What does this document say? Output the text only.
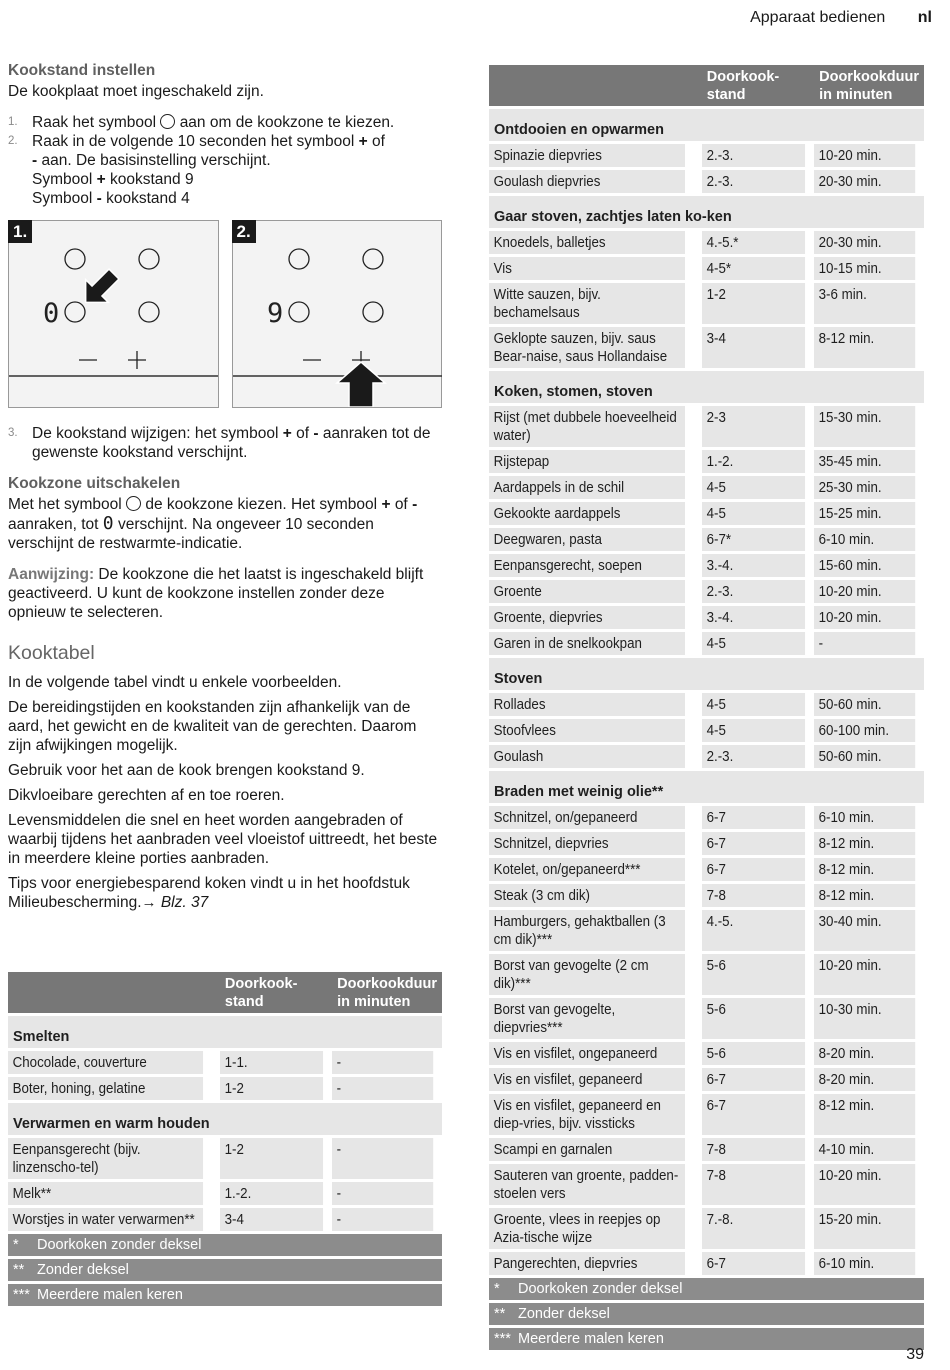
Apparaat bedienen nl
Kookstand instellen

De kookplaat moet ingeschakeld zijn.

1. Raak het symbool aan om de kookzone te kiezen.
2. Raak in de volgende 10 seconden het symbool + of
- aan. De basisinstelling verschijnt.
Symbool + kookstand 9
Symbool - kookstand 4
0
1.
9
2.
3. De kookstand wijzigen: het symbool + of - aanraken tot de gewenste kookstand verschijnt.
Kookzone uitschakelen

Met het symbool de kookzone kiezen. Het symbool + of - aanraken, tot 0 verschijnt. Na ongeveer 10 seconden verschijnt de restwarmte-indicatie.

Aanwijzing: De kookzone die het laatst is ingeschakeld blijft geactiveerd. U kunt de kookzone instellen zonder deze opnieuw te selecteren.

Kooktabel

In de volgende tabel vindt u enkele voorbeelden.

De bereidingstijden en kookstanden zijn afhankelijk van de aard, het gewicht en de kwaliteit van de gerechten. Daarom zijn afwijkingen mogelijk.

Gebruik voor het aan de kook brengen kookstand 9.

Dikvloeibare gerechten af en toe roeren.

Levensmiddelen die snel en heet worden aangebraden of waarbij tijdens het aanbraden veel vloeistof uittreedt, het beste in meerdere kleine porties aanbraden.

Tips voor energiebesparend koken vindt u in het hoofdstuk Milieubescherming.→ Blz. 37

	Doorkook-stand	Doorkookduur in minuten
Smelten		
Chocolade, couverture	1-1.	-
Boter, honing, gelatine	1-2	-
Verwarmen en warm houden		
Eenpansgerecht (bijv. linzenscho-tel)	1-2	-
Melk**	1.-2.	-
Worstjes in water verwarmen**	3-4	-
* Doorkoken zonder deksel		
** Zonder deksel		
*** Meerdere malen keren		
	Doorkook-stand	Doorkookduur in minuten
Ontdooien en opwarmen		
Spinazie diepvries	2.-3.	10-20 min.
Goulash diepvries	2.-3.	20-30 min.
Gaar stoven, zachtjes laten ko-ken		
Knoedels, balletjes	4.-5.*	20-30 min.
Vis	4-5*	10-15 min.
Witte sauzen, bijv. bechamelsaus	1-2	3-6 min.
Geklopte sauzen, bijv. saus Bear-naise, saus Hollandaise	3-4	8-12 min.
Koken, stomen, stoven		
Rijst (met dubbele hoeveelheid water)	2-3	15-30 min.
Rijstepap	1.-2.	35-45 min.
Aardappels in de schil	4-5	25-30 min.
Gekookte aardappels	4-5	15-25 min.
Deegwaren, pasta	6-7*	6-10 min.
Eenpansgerecht, soepen	3.-4.	15-60 min.
Groente	2.-3.	10-20 min.
Groente, diepvries	3.-4.	10-20 min.
Garen in de snelkookpan	4-5	-
Stoven		
Rollades	4-5	50-60 min.
Stoofvlees	4-5	60-100 min.
Goulash	2.-3.	50-60 min.
Braden met weinig olie**		
Schnitzel, on/gepaneerd	6-7	6-10 min.
Schnitzel, diepvries	6-7	8-12 min.
Kotelet, on/gepaneerd***	6-7	8-12 min.
Steak (3 cm dik)	7-8	8-12 min.
Hamburgers, gehaktballen (3 cm dik)***	4.-5.	30-40 min.
Borst van gevogelte (2 cm dik)***	5-6	10-20 min.
Borst van gevogelte, diepvries***	5-6	10-30 min.
Vis en visfilet, ongepaneerd	5-6	8-20 min.
Vis en visfilet, gepaneerd	6-7	8-20 min.
Vis en visfilet, gepaneerd en diep-vries, bijv. vissticks	6-7	8-12 min.
Scampi en garnalen	7-8	4-10 min.
Sauteren van groente, padden-stoelen vers	7-8	10-20 min.
Groente, vlees in reepjes op Azia-tische wijze	7.-8.	15-20 min.
Pangerechten, diepvries	6-7	6-10 min.
* Doorkoken zonder deksel		
** Zonder deksel		
*** Meerdere malen keren		
39
